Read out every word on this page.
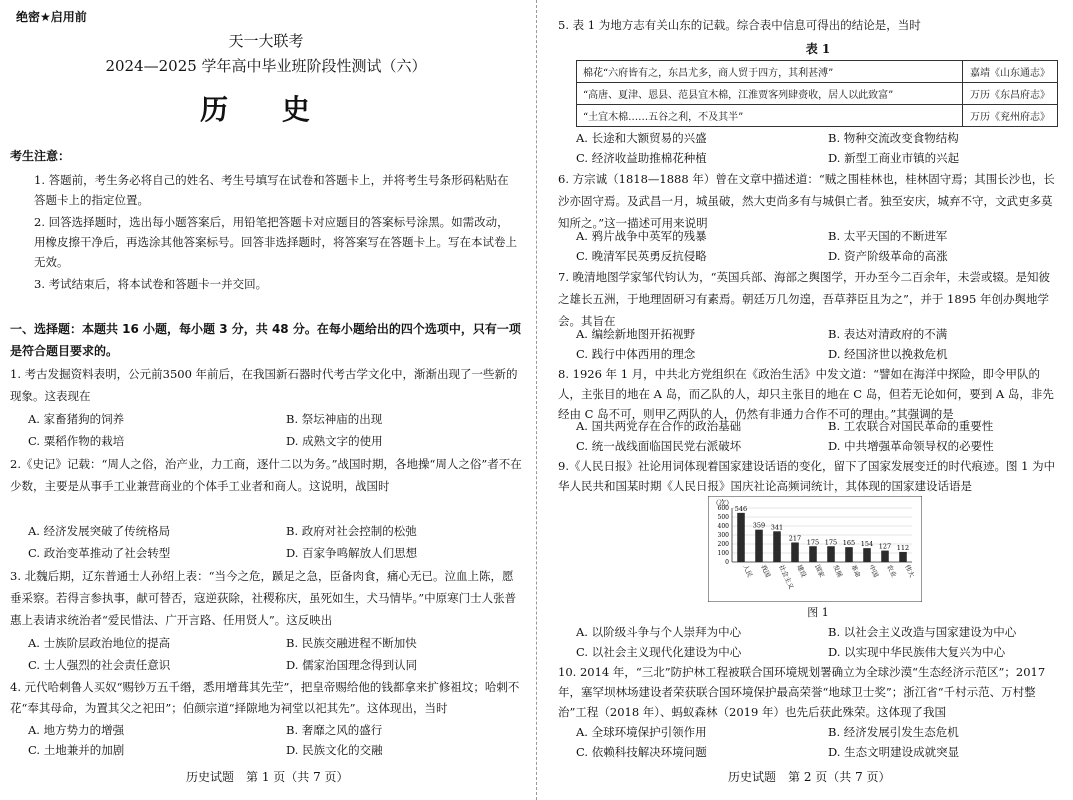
绝密★启用前
天一大联考
2024—2025 学年高中毕业班阶段性测试（六）
历 史
考生注意：
1. 答题前，考生务必将自己的姓名、考生号填写在试卷和答题卡上，并将考生号条形码粘贴在答题卡上的指定位置。
2. 回答选择题时，选出每小题答案后，用铅笔把答题卡对应题目的答案标号涂黑。如需改动，用橡皮擦干净后，再选涂其他答案标号。回答非选择题时，将答案写在答题卡上。写在本试卷上无效。
3. 考试结束后，将本试卷和答题卡一并交回。
一、选择题：本题共 16 小题，每小题 3 分，共 48 分。在每小题给出的四个选项中，只有一项是符合题目要求的。
1. 考古发掘资料表明，公元前3500 年前后，在我国新石器时代考古学文化中，渐渐出现了一些新的现象。这表现在
A. 家畜猪狗的饲养	B. 祭坛神庙的出现
C. 粟稻作物的栽培	D. 成熟文字的使用
2.《史记》记载：“周人之俗，治产业，力工商，逐什二以为务。”战国时期，各地操“周人之俗”者不在少数，主要是从事手工业兼营商业的个体手工业者和商人。这说明，战国时
A. 经济发展突破了传统格局	B. 政府对社会控制的松弛
C. 政治变革推动了社会转型	D. 百家争鸣解放人们思想
3. 北魏后期，辽东普通士人孙绍上表：“当今之危，踬足之急，臣备肉食，痛心无已。泣血上陈，愿垂采察。若得言参执事，献可替否，寇逆荻除，社稷称庆，虽死如生，犬马情毕。”中原寒门士人张普惠上表请求统治者“爱民惜法、广开言路、任用贤人”。这反映出
A. 士族阶层政治地位的提高	B. 民族交融进程不断加快
C. 士人强烈的社会责任意识	D. 儒家治国理念得到认同
4. 元代哈剌鲁人买奴“赐钞万五千缗，悉用增葺其先茔”，把皇帝赐给他的钱都拿来扩修祖坟；哈剌不花“奉其母命，为置其父之祀田”；伯颜宗道“择隙地为祠堂以祀其先”。这体现出，当时
A. 地方势力的增强	B. 奢靡之风的盛行
C. 土地兼并的加剧	D. 民族文化的交融
历史试题　第 1 页（共 7 页）
5. 表 1 为地方志有关山东的记载。综合表中信息可得出的结论是，当时
表 1
棉花“六府皆有之，东昌尤多，商人贸于四方，其利甚溥”	嘉靖《山东通志》
“高唐、夏津、恩县、范县宜木棉，江淮贾客列肆赍收，居人以此致富”	万历《东昌府志》
“土宜木棉……五谷之利，不及其半”	万历《兖州府志》
A. 长途和大额贸易的兴盛	B. 物种交流改变食物结构
C. 经济收益助推棉花种植	D. 新型工商业市镇的兴起
6. 方宗诚（1818—1888 年）曾在文章中描述道：“贼之围桂林也，桂林固守焉；其围长沙也，长沙亦固守焉。及武昌一月，城虽破，然大吏尚多有与城俱亡者。独至安庆，城弃不守，文武吏多莫知所之。”这一描述可用来说明
A. 鸦片战争中英军的残暴	B. 太平天国的不断进军
C. 晚清军民英勇反抗侵略	D. 资产阶级革命的高涨
7. 晚清地图学家邹代钧认为，“英国兵部、海部之舆图学，开办至今二百余年，未尝或辍。是知彼之雄长五洲，于地理固研习有素焉。朝廷万几勿遑，吾草莽臣且为之”，并于 1895 年创办舆地学会。其旨在
A. 编绘新地图开拓视野	B. 表达对清政府的不满
C. 践行中体西用的理念	D. 经国济世以挽救危机
8. 1926 年 1 月，中共北方党组织在《政治生活》中发文道：“譬如在海洋中探险，即令甲队的人，主张目的地在 A 岛，而乙队的人，却只主张目的地在 C 岛，但若无论如何，要到 A 岛，非先经由 C 岛不可，则甲乙两队的人，仍然有非通力合作不可的理由。”其强调的是
A. 国共两党存在合作的政治基础	B. 工农联合对国民革命的重要性
C. 统一战线面临国民党右派破坏	D. 中共增强革命领导权的必要性
9.《人民日报》社论用词体现着国家建设话语的变化，留下了国家发展变迁的时代痕迹。图 1 为中华人民共和国某时期《人民日报》国庆社论高频词统计，其体现的国家建设话语是
（次）
0
100
200
300
400
500
600 546
人民
359
我国
341
社会主义
217
建设
175
国家
175
发展
165
革命
154
中国
127
农业
112
伟大
图 1
A. 以阶级斗争与个人崇拜为中心	B. 以社会主义改造与国家建设为中心
C. 以社会主义现代化建设为中心	D. 以实现中华民族伟大复兴为中心
10. 2014 年，“三北”防护林工程被联合国环境规划署确立为全球沙漠“生态经济示范区”；2017 年，塞罕坝林场建设者荣获联合国环境保护最高荣誉“地球卫士奖”；浙江省“千村示范、万村整治”工程（2018 年）、蚂蚁森林（2019 年）也先后获此殊荣。这体现了我国
A. 全球环境保护引领作用	B. 经济发展引发生态危机
C. 依赖科技解决环境问题	D. 生态文明建设成就突显
历史试题　第 2 页（共 7 页）
